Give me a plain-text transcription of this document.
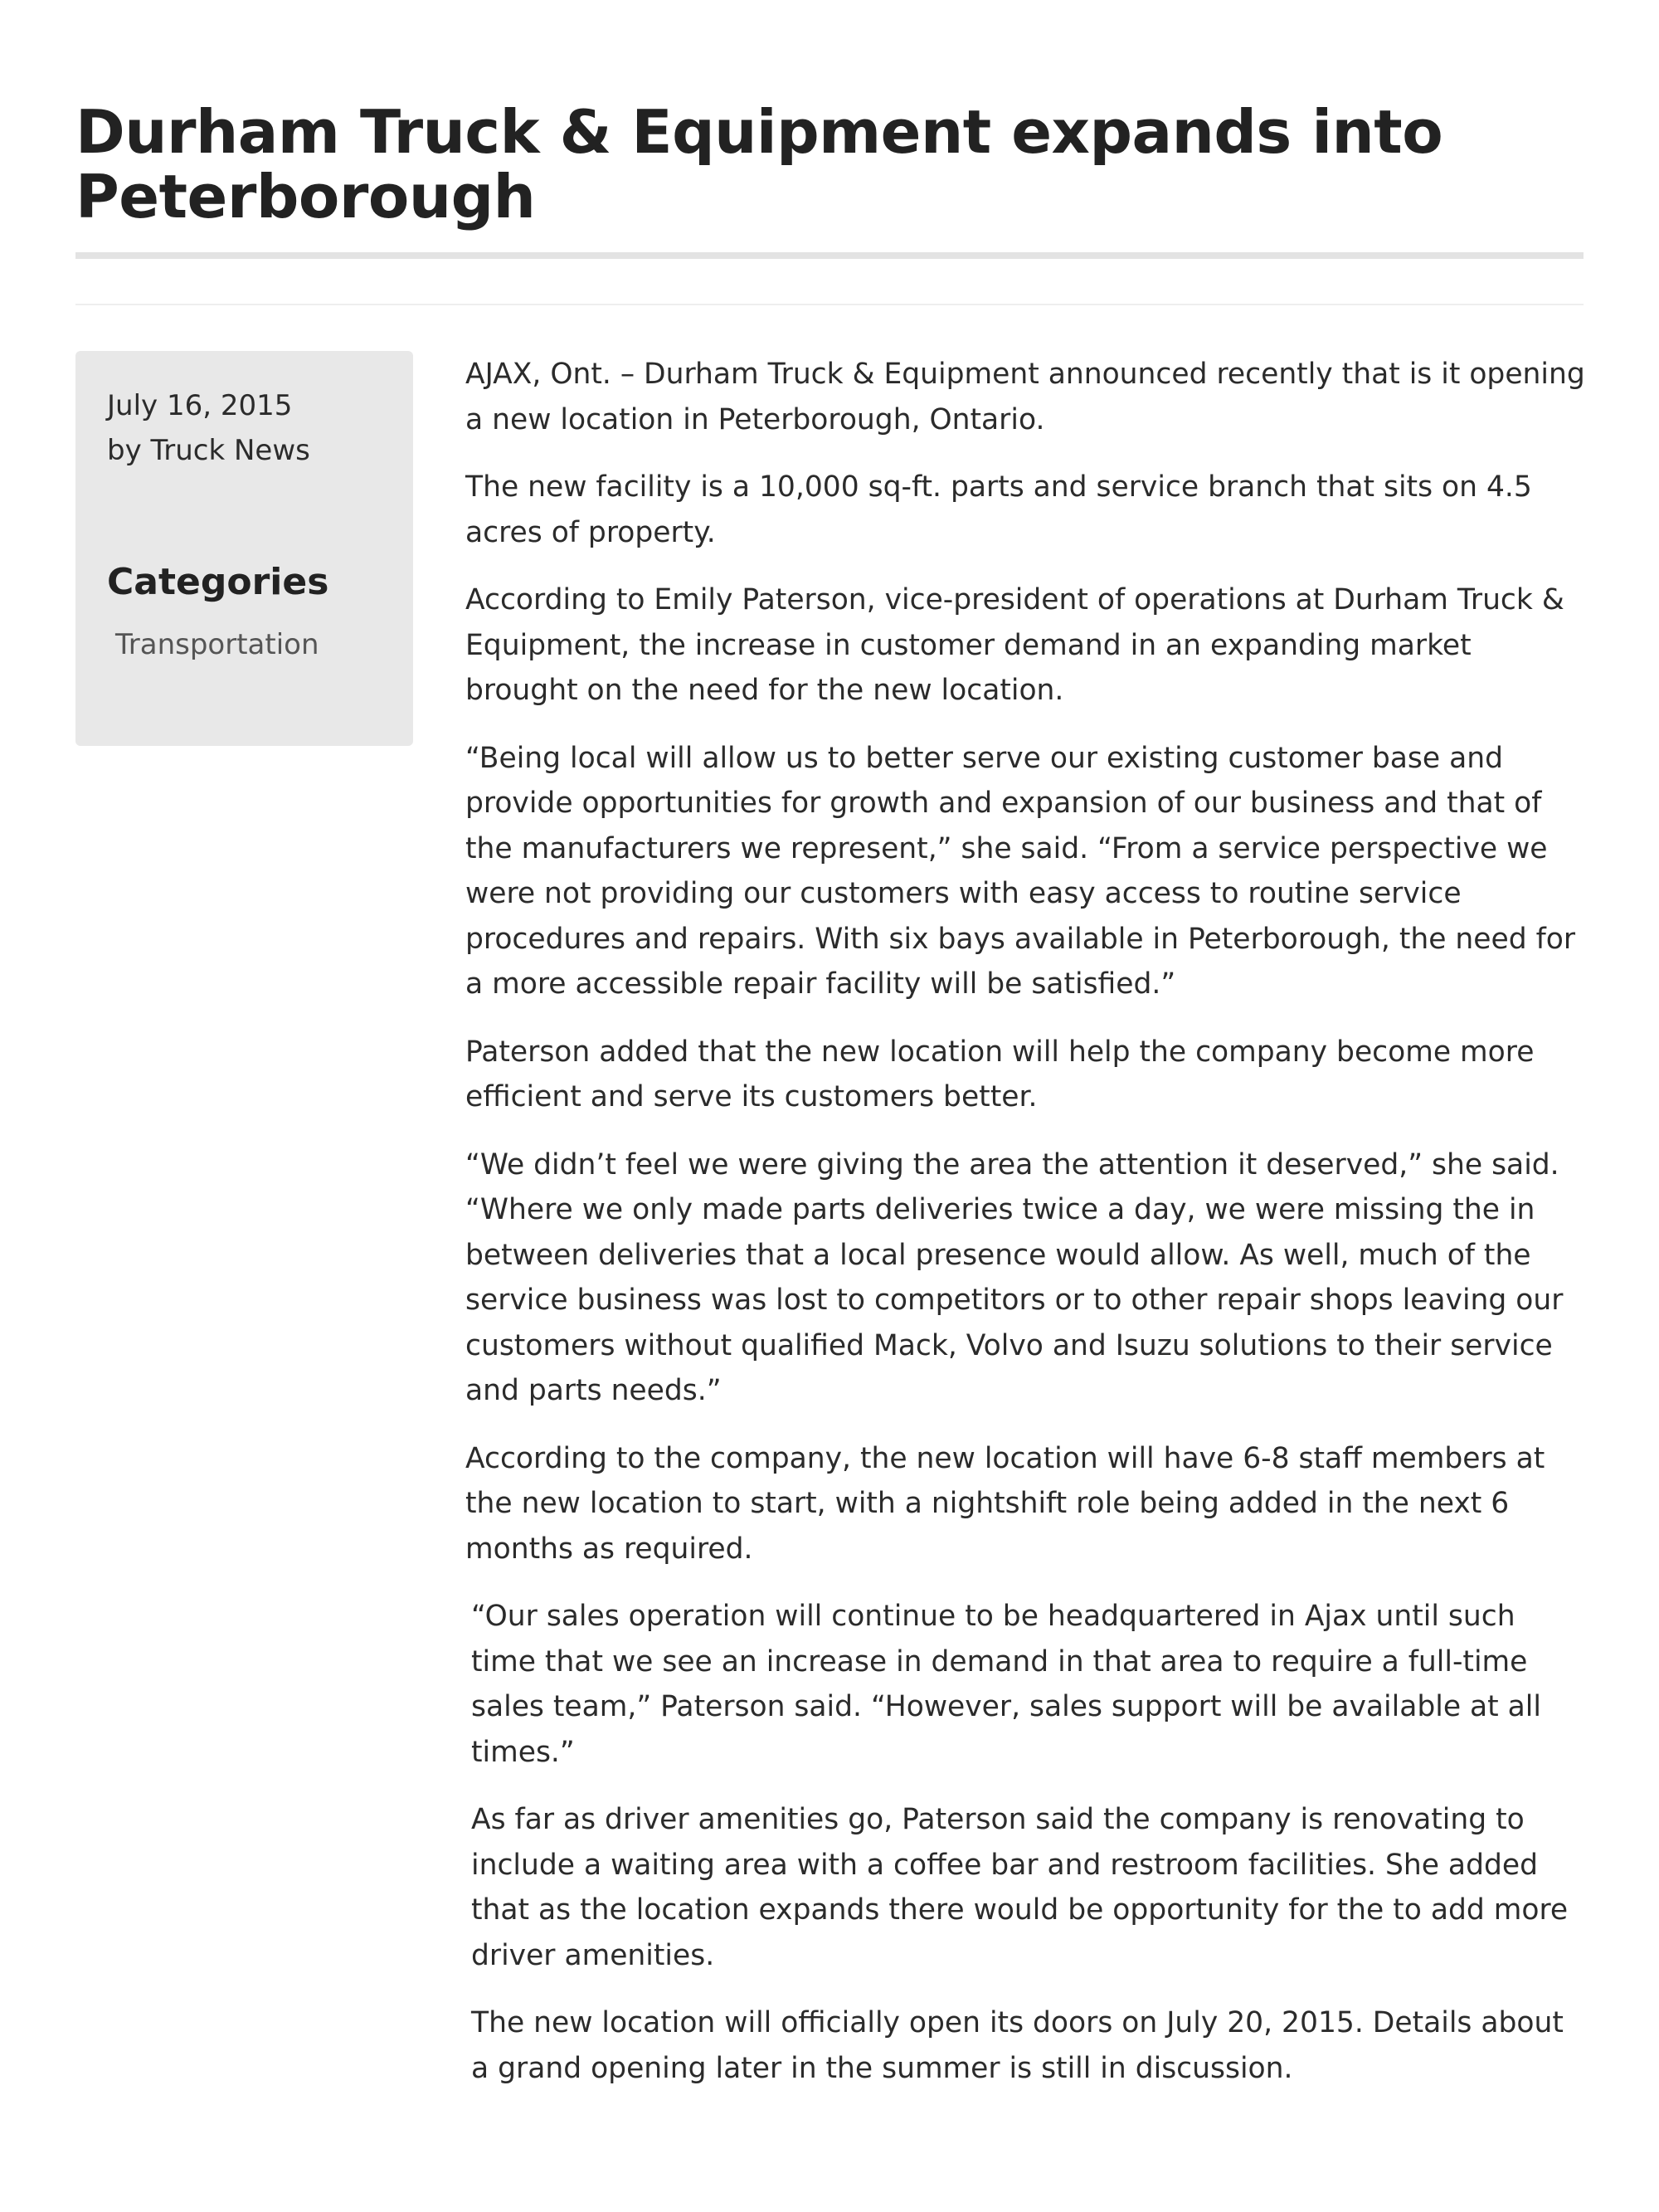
Durham Truck & Equipment expands into Peterborough

July 16, 2015

by Truck News

Categories
Transportation

AJAX, Ont. – Durham Truck & Equipment announced recently that is it opening a new location in Peterborough, Ontario.

The new facility is a 10,000 sq-ft. parts and service branch that sits on 4.5 acres of property.

According to Emily Paterson, vice-president of operations at Durham Truck & Equipment, the increase in customer demand in an expanding market brought on the need for the new location.

“Being local will allow us to better serve our existing customer base and provide opportunities for growth and expansion of our business and that of the manufacturers we represent,” she said. “From a service perspective we were not providing our customers with easy access to routine service procedures and repairs. With six bays available in Peterborough, the need for a more accessible repair facility will be satisfied.”

Paterson added that the new location will help the company become more efficient and serve its customers better.

“We didn’t feel we were giving the area the attention it deserved,” she said. “Where we only made parts deliveries twice a day, we were missing the in between deliveries that a local presence would allow. As well, much of the service business was lost to competitors or to other repair shops leaving our customers without qualified Mack, Volvo and Isuzu solutions to their service and parts needs.”

According to the company, the new location will have 6-8 staff members at the new location to start, with a nightshift role being added in the next 6 months as required.

“Our sales operation will continue to be headquartered in Ajax until such time that we see an increase in demand in that area to require a full-time sales team,” Paterson said. “However, sales support will be available at all times.”

As far as driver amenities go, Paterson said the company is renovating to include a waiting area with a coffee bar and restroom facilities. She added that as the location expands there would be opportunity for the to add more driver amenities.

The new location will officially open its doors on July 20, 2015. Details about a grand opening later in the summer is still in discussion.
